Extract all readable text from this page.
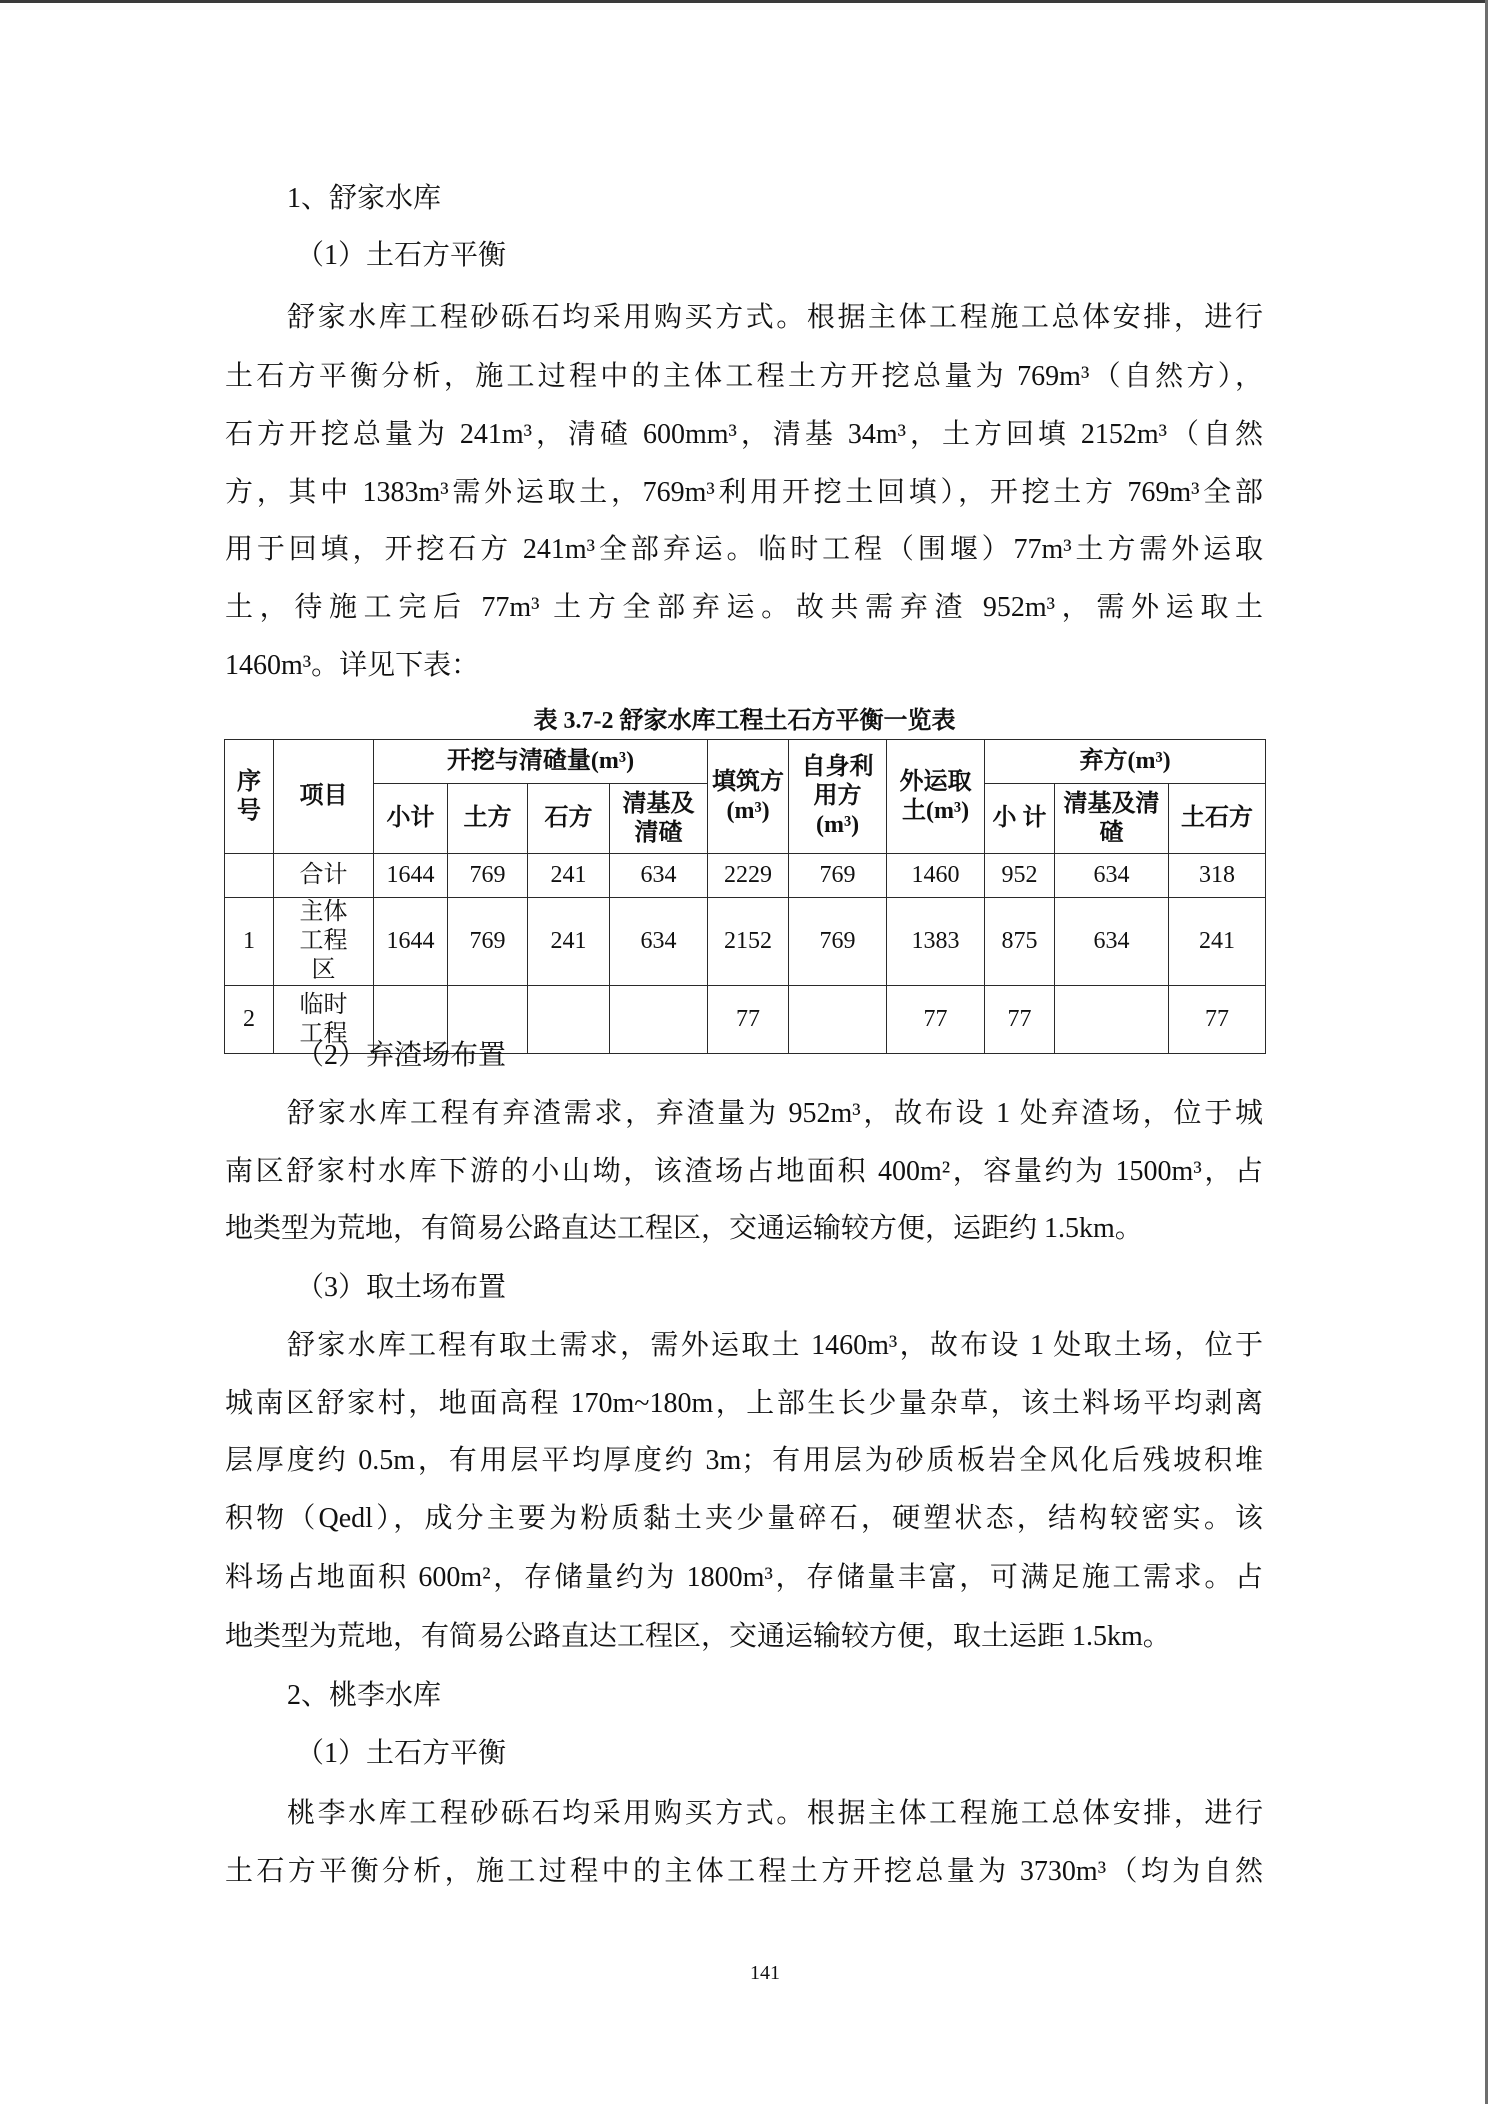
1、舒家水库
（1）土石方平衡
舒家水库工程砂砾石均采用购买方式。根据主体工程施工总体安排，进行
土石方平衡分析，施工过程中的主体工程土方开挖总量为 769m³（自然方），
石方开挖总量为 241m³，清碴 600mm³，清基 34m³，土方回填 2152m³（自然
方，其中 1383m³需外运取土，769m³利用开挖土回填），开挖土方 769m³全部
用于回填，开挖石方 241m³全部弃运。临时工程（围堰）77m³土方需外运取
土，待施工完后 77m³ 土方全部弃运。故共需弃渣 952m³，需外运取土
1460m³。详见下表：
表 3.7-2 舒家水库工程土石方平衡一览表
序号	项目	开挖与清碴量(m³)				填筑方(m³)	自身利用方(m³)	外运取土(m³)	弃方(m³)		
		小计	土方	石方	清基及清碴				小 计	清基及清碴	土石方
	合计	1644	769	241	634	2229	769	1460	952	634	318
1	主体工程区	1644	769	241	634	2152	769	1383	875	634	241
2	临时工程					77		77	77		77
（2）弃渣场布置
舒家水库工程有弃渣需求，弃渣量为 952m³，故布设 1 处弃渣场，位于城
南区舒家村水库下游的小山坳，该渣场占地面积 400m²，容量约为 1500m³，占
地类型为荒地，有简易公路直达工程区，交通运输较方便，运距约 1.5km。
（3）取土场布置
舒家水库工程有取土需求，需外运取土 1460m³，故布设 1 处取土场，位于
城南区舒家村，地面高程 170m~180m，上部生长少量杂草，该土料场平均剥离
层厚度约 0.5m，有用层平均厚度约 3m；有用层为砂质板岩全风化后残坡积堆
积物（Qedl），成分主要为粉质黏土夹少量碎石，硬塑状态，结构较密实。该
料场占地面积 600m²，存储量约为 1800m³，存储量丰富，可满足施工需求。占
地类型为荒地，有简易公路直达工程区，交通运输较方便，取土运距 1.5km。
2、桃李水库
（1）土石方平衡
桃李水库工程砂砾石均采用购买方式。根据主体工程施工总体安排，进行
土石方平衡分析，施工过程中的主体工程土方开挖总量为 3730m³（均为自然
141
